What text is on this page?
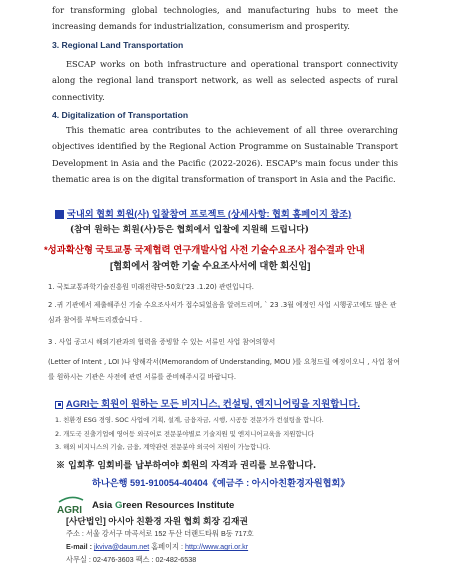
for transforming global technologies, and manufacturing hubs to meet the increasing demands for industrialization, consumerism and prosperity.
3. Regional Land Transportation
ESCAP works on both infrastructure and operational transport connectivity along the regional land transport network, as well as selected aspects of rural connectivity.
4. Digitalization of Transportation
This thematic area contributes to the achievement of all three overarching objectives identified by the Regional Action Programme on Sustainable Transport Development in Asia and the Pacific (2022-2026). ESCAP's main focus under this thematic area is on the digital transformation of transport in Asia and the Pacific.
국내외 협회 회원(사) 입찰참여 프로젝트 (상세사항: 협회 홈페이지 참조)
(참여 원하는 회원(사)등은 협회에서 입찰에 지원해 드립니다)
*성과확산형 국토교통 국제협력 연구개발사업 사전 기술수요조사 접수결과 안내
[협회에서 참여한 기술 수요조사서에 대한 회신임]
1. 국토교통과학기술진흥원 미래전략단-50호('23 .1.20) 관련입니다.
2 .귀 기관에서 제출해주신 기술 수요조사서가 접수되었음을 알려드리며, ` 23 .3월 예정인 사업 시행공고에도 많은 관심과 참여를 부탁드리겠습니다 .
3 . 사업 공고시 해외기관과의 협력을 증빙할 수 있는 서류인 사업 참여의향서
(Letter of Intent , LOI )나 양해각서(Memorandom of Understanding, MOU )를 요청드릴 예정이오니 , 사업 참여를 원하시는 기관은 사전에 관련 서류를 준비해주시길 바랍니다.
AGRI는 회원이 원하는 모든 비지니스, 컨설팅, 엔지니어링을 지원합니다.
1. 친환경 ESG 경영. SOC 사업에 기획, 설계, 금융자금, 시행, 시공등 전문가가 컨설팅을 합니다.
2. 개도국 진출기업에 영어등 외국어로 전문분야별로 기술지원 및 엔지니어교육을 지원합니다
3. 해외 비지니스의 기술, 금융, 계약관련 전문분야 외국어 지원이 가능합니다.
※ 입회후 임회비를 납부하여야 회원의 자격과 권리를 보유합니다.
하나은행 591-910054-40404《예금주 : 아시아친환경자원협회》
AGRI Asia Green Resources Institute
[사단법인] 아시아 친환경 자원 협회 회장 김재권
주소 : 서울 강서구 마곡서로 152 두산 더랜드타워 B동 717호
E-mail : jkviva@daum.net 홈페이지 : http://www.agri.or.kr
사무실 : 02-476-3603 팩스 : 02-482-6538
